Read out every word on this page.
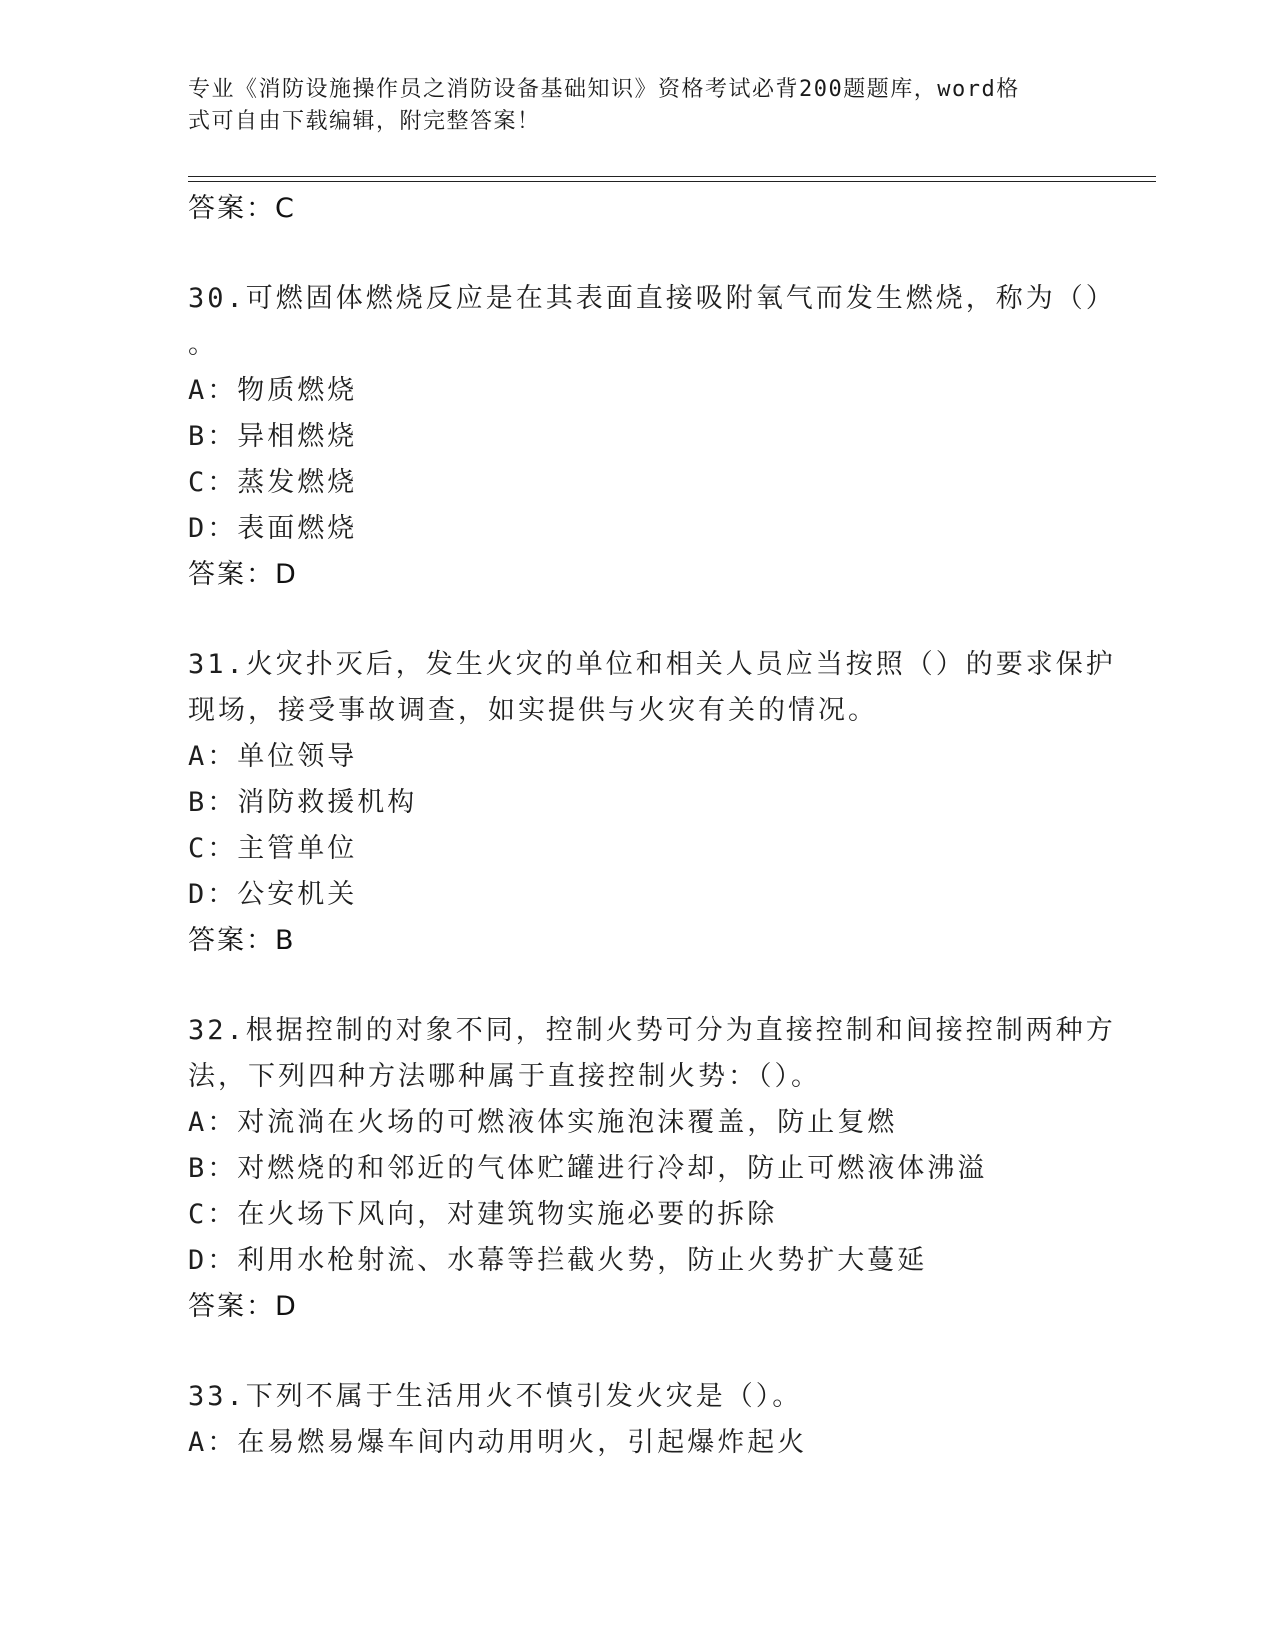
专业《消防设施操作员之消防设备基础知识》资格考试必背200题题库，word格
式可自由下载编辑，附完整答案！
答案：C
30.可燃固体燃烧反应是在其表面直接吸附氧气而发生燃烧，称为（）
。
A：物质燃烧
B：异相燃烧
C：蒸发燃烧
D：表面燃烧
答案：D
31.火灾扑灭后，发生火灾的单位和相关人员应当按照（）的要求保护
现场，接受事故调查，如实提供与火灾有关的情况。
A：单位领导
B：消防救援机构
C：主管单位
D：公安机关
答案：B
32.根据控制的对象不同，控制火势可分为直接控制和间接控制两种方
法，下列四种方法哪种属于直接控制火势：（）。
A：对流淌在火场的可燃液体实施泡沫覆盖，防止复燃
B：对燃烧的和邻近的气体贮罐进行冷却，防止可燃液体沸溢
C：在火场下风向，对建筑物实施必要的拆除
D：利用水枪射流、水幕等拦截火势，防止火势扩大蔓延
答案：D
33.下列不属于生活用火不慎引发火灾是（）。
A：在易燃易爆车间内动用明火，引起爆炸起火
